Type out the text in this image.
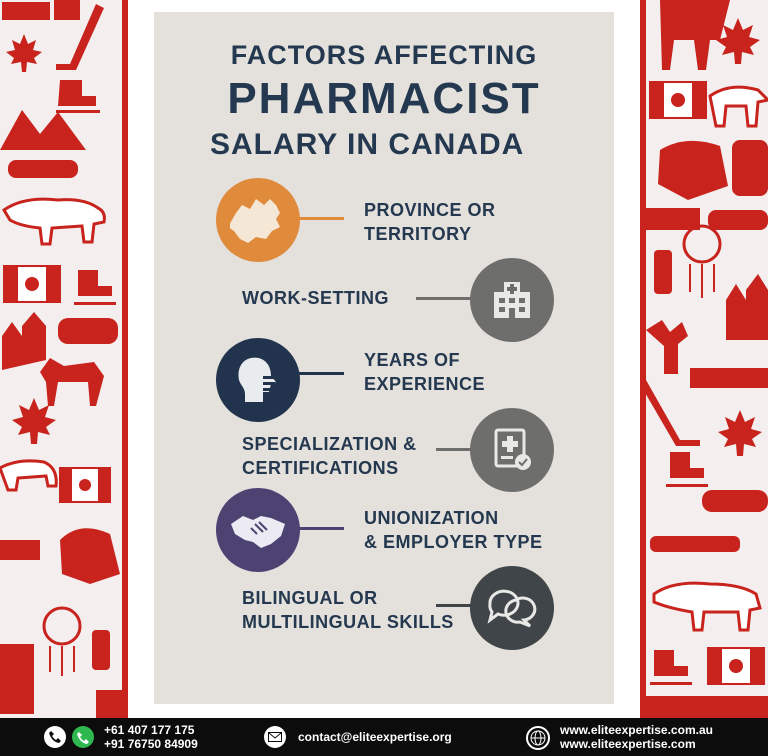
FACTORS AFFECTING
PHARMACIST
SALARY IN CANADA
PROVINCE OR
TERRITORY
WORK-SETTING
YEARS OF
EXPERIENCE
SPECIALIZATION &
CERTIFICATIONS
UNIONIZATION
& EMPLOYER TYPE
BILINGUAL OR
MULTILINGUAL SKILLS
+61 407 177 175
+91 76750 84909	contact@eliteexpertise.org	www.eliteexpertise.com.au
www.eliteexpertise.com
